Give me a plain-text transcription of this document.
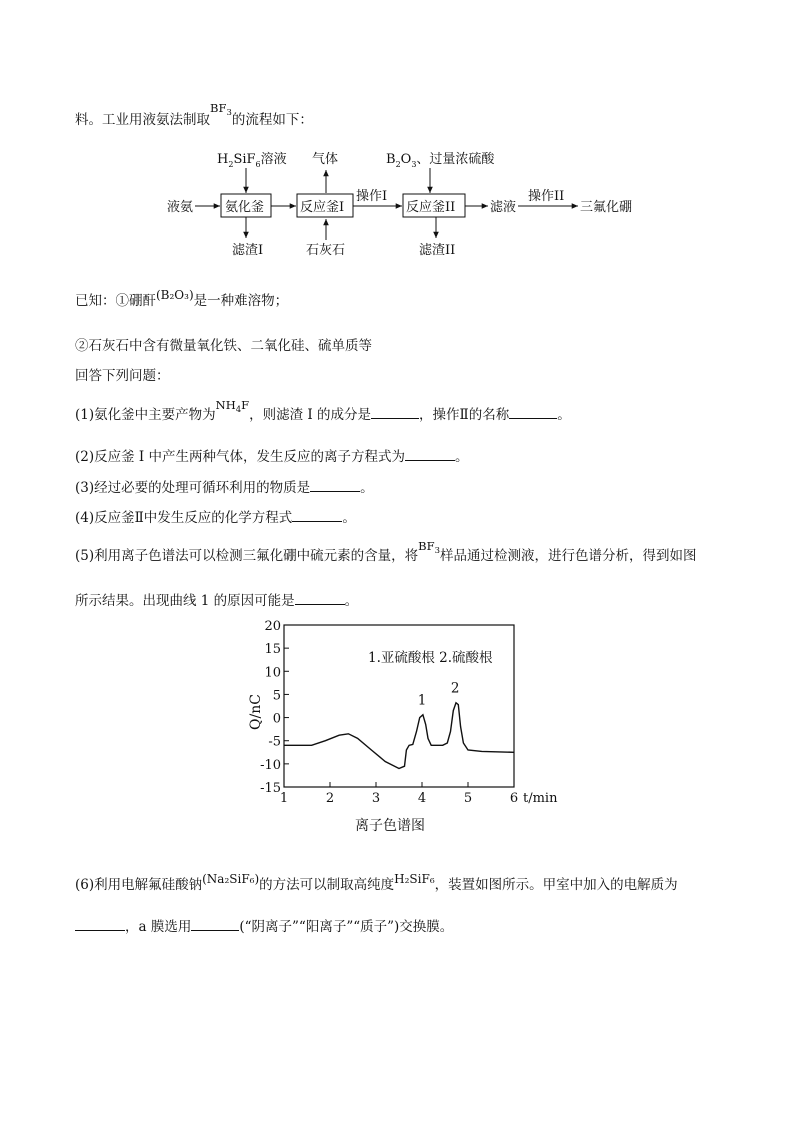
料。工业用液氨法制取$BF_3$的流程如下：
$H_2SiF_6$溶液 气体	$B_2O_3$、过量浓硫酸
液氨 氨化釜	反应釜I
操作I
反应釜II	滤液
操作II
三氟化硼
滤渣I	石灰石	滤渣II
已知：①硼酐(B₂O₃)是一种难溶物；
②石灰石中含有微量氧化铁、二氧化硅、硫单质等
回答下列问题：
(1)氨化釜中主要产物为$NH_4F$，则滤渣 I 的成分是	，操作Ⅱ的名称	。
(2)反应釜 I 中产生两种气体，发生反应的离子方程式为	。
(3)经过必要的处理可循环利用的物质是	。
(4)反应釜Ⅱ中发生反应的化学方程式	。
(5)利用离子色谱法可以检测三氟化硼中硫元素的含量，将$BF_3$样品通过检测液，进行色谱分析，得到如图
所示结果。出现曲线 1 的原因可能是	。
1	2	3	4	5	6 t/min
20
15
10
5
0
-5
-10
-15
1
2
1.亚硫酸根 2.硫酸根
Q/nC
离子色谱图
(6)利用电解氟硅酸钠(Na₂SiF₆)的方法可以制取高纯度H₂SiF₆，装置如图所示。甲室中加入的电解质为
，a 膜选用	(“阴离子”“阳离子”“质子”)交换膜。
